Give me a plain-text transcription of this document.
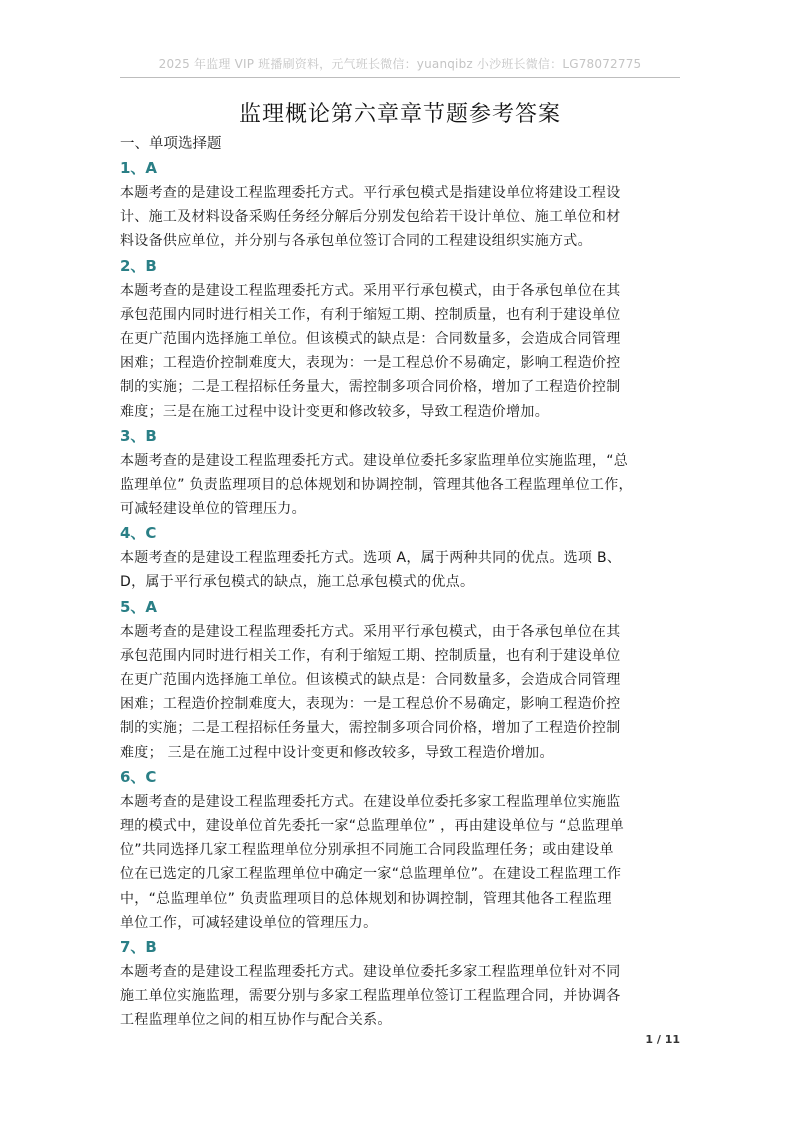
2025 年监理 VIP 班播刷资料，元气班长微信：yuanqibz 小沙班长微信：LG78072775
监理概论第六章章节题参考答案
一、单项选择题
1、A
本题考查的是建设工程监理委托方式。平行承包模式是指建设单位将建设工程设
计、施工及材料设备采购任务经分解后分别发包给若干设计单位、施工单位和材
料设备供应单位，并分别与各承包单位签订合同的工程建设组织实施方式。
2、B
本题考查的是建设工程监理委托方式。采用平行承包模式，由于各承包单位在其
承包范围内同时进行相关工作，有利于缩短工期、控制质量，也有利于建设单位
在更广范围内选择施工单位。但该模式的缺点是：合同数量多，会造成合同管理
困难；工程造价控制难度大，表现为：一是工程总价不易确定，影响工程造价控
制的实施；二是工程招标任务量大，需控制多项合同价格，增加了工程造价控制
难度；三是在施工过程中设计变更和修改较多，导致工程造价增加。
3、B
本题考查的是建设工程监理委托方式。建设单位委托多家监理单位实施监理，“总
监理单位” 负责监理项目的总体规划和协调控制，管理其他各工程监理单位工作，
可减轻建设单位的管理压力。
4、C
本题考查的是建设工程监理委托方式。选项 A，属于两种共同的优点。选项 B、
D，属于平行承包模式的缺点，施工总承包模式的优点。
5、A
本题考查的是建设工程监理委托方式。采用平行承包模式，由于各承包单位在其
承包范围内同时进行相关工作，有利于缩短工期、控制质量，也有利于建设单位
在更广范围内选择施工单位。但该模式的缺点是：合同数量多，会造成合同管理
困难；工程造价控制难度大，表现为：一是工程总价不易确定，影响工程造价控
制的实施；二是工程招标任务量大，需控制多项合同价格，增加了工程造价控制
难度； 三是在施工过程中设计变更和修改较多，导致工程造价增加。
6、C
本题考查的是建设工程监理委托方式。在建设单位委托多家工程监理单位实施监
理的模式中，建设单位首先委托一家“总监理单位” ，再由建设单位与 “总监理单
位”共同选择几家工程监理单位分别承担不同施工合同段监理任务；或由建设单
位在已选定的几家工程监理单位中确定一家“总监理单位”。在建设工程监理工作
中，“总监理单位” 负责监理项目的总体规划和协调控制，管理其他各工程监理
单位工作，可减轻建设单位的管理压力。
7、B
本题考查的是建设工程监理委托方式。建设单位委托多家工程监理单位针对不同
施工单位实施监理，需要分别与多家工程监理单位签订工程监理合同，并协调各
工程监理单位之间的相互协作与配合关系。
1 / 11
